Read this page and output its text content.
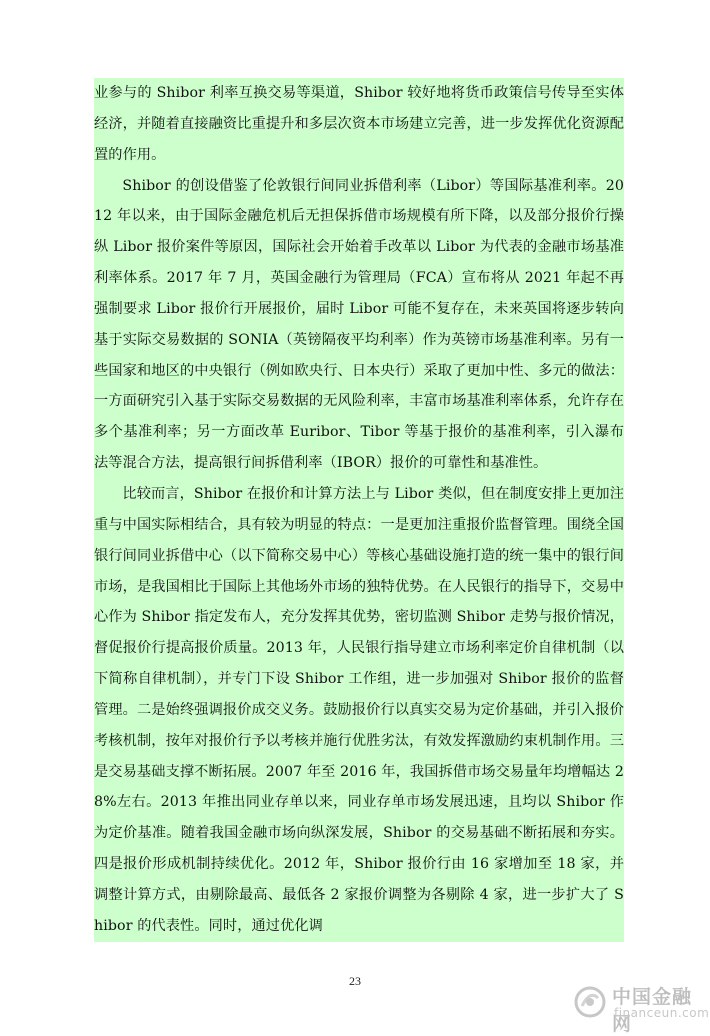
业参与的 Shibor 利率互换交易等渠道，Shibor 较好地将货币政策信号传导至实体经济，并随着直接融资比重提升和多层次资本市场建立完善，进一步发挥优化资源配置的作用。

Shibor 的创设借鉴了伦敦银行间同业拆借利率（Libor）等国际基准利率。2012 年以来，由于国际金融危机后无担保拆借市场规模有所下降，以及部分报价行操纵 Libor 报价案件等原因，国际社会开始着手改革以 Libor 为代表的金融市场基准利率体系。2017 年 7 月，英国金融行为管理局（FCA）宣布将从 2021 年起不再强制要求 Libor 报价行开展报价，届时 Libor 可能不复存在，未来英国将逐步转向基于实际交易数据的 SONIA（英镑隔夜平均利率）作为英镑市场基准利率。另有一些国家和地区的中央银行（例如欧央行、日本央行）采取了更加中性、多元的做法：一方面研究引入基于实际交易数据的无风险利率，丰富市场基准利率体系，允许存在多个基准利率；另一方面改革 Euribor、Tibor 等基于报价的基准利率，引入瀑布法等混合方法，提高银行间拆借利率（IBOR）报价的可靠性和基准性。

比较而言，Shibor 在报价和计算方法上与 Libor 类似，但在制度安排上更加注重与中国实际相结合，具有较为明显的特点：一是更加注重报价监督管理。围绕全国银行间同业拆借中心（以下简称交易中心）等核心基础设施打造的统一集中的银行间市场，是我国相比于国际上其他场外市场的独特优势。在人民银行的指导下，交易中心作为 Shibor 指定发布人，充分发挥其优势，密切监测 Shibor 走势与报价情况，督促报价行提高报价质量。2013 年，人民银行指导建立市场利率定价自律机制（以下简称自律机制），并专门下设 Shibor 工作组，进一步加强对 Shibor 报价的监督管理。二是始终强调报价成交义务。鼓励报价行以真实交易为定价基础，并引入报价考核机制，按年对报价行予以考核并施行优胜劣汰，有效发挥激励约束机制作用。三是交易基础支撑不断拓展。2007 年至 2016 年，我国拆借市场交易量年均增幅达 28%左右。2013 年推出同业存单以来，同业存单市场发展迅速，且均以 Shibor 作为定价基准。随着我国金融市场向纵深发展，Shibor 的交易基础不断拓展和夯实。四是报价形成机制持续优化。2012 年，Shibor 报价行由 16 家增加至 18 家，并调整计算方式，由剔除最高、最低各 2 家报价调整为各剔除 4 家，进一步扩大了 Shibor 的代表性。同时，通过优化调

23
中国金融网
financeun.com
